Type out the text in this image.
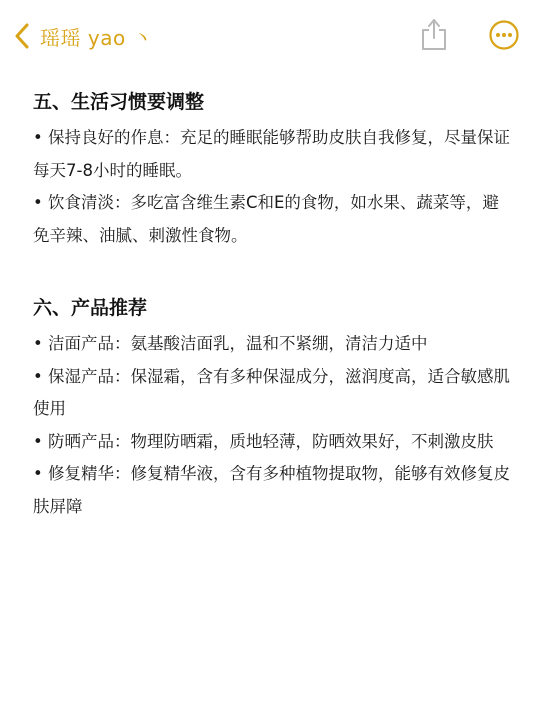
瑶瑶 yao 丶
五、生活习惯要调整

• 保持良好的作息：充足的睡眠能够帮助皮肤自我修复，尽量保证每天7-8小时的睡眠￼。

• 饮食清淡：多吃富含维生素C和E的食物，如水果、蔬菜等，避免辛辣、油腻、刺激性食物￼。

六、产品推荐

• 洁面产品：氨基酸洁面乳，温和不紧绷，清洁力适中

• 保湿产品：保湿霜，含有多种保湿成分，滋润度高，适合敏感肌使用

• 防晒产品：物理防晒霜，质地轻薄，防晒效果好，不刺激皮肤

• 修复精华：修复精华液，含有多种植物提取物，能够有效修复皮肤屏障
